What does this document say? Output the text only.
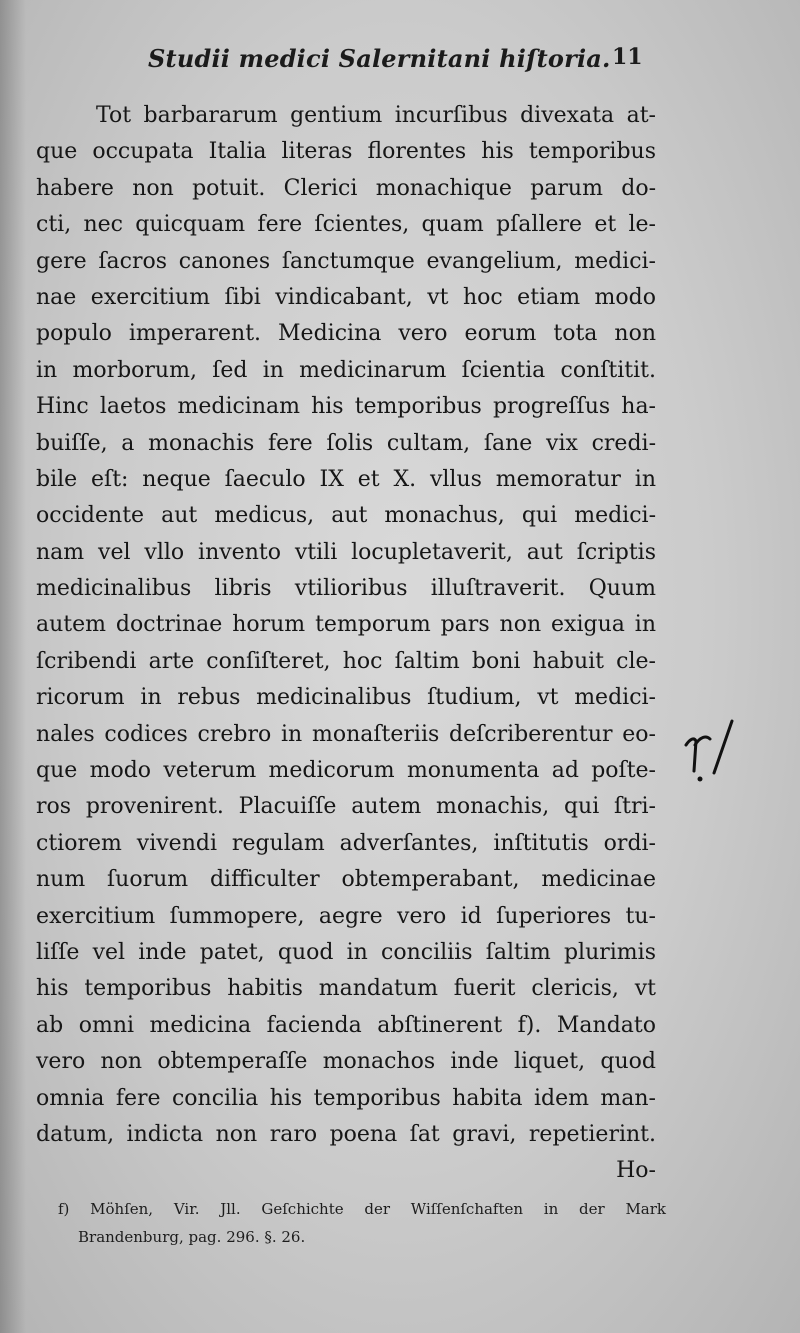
Studii medici Salernitani hiſtoria. 11
Tot barbararum gentium incurſibus divexata at-
que occupata Italia literas florentes his temporibus
habere non potuit. Clerici monachique parum do-
cti, nec quicquam fere ſcientes, quam pſallere et le-
gere ſacros canones ſanctumque evangelium, medici-
nae exercitium ſibi vindicabant, vt hoc etiam modo
populo imperarent. Medicina vero eorum tota non
in morborum, ſed in medicinarum ſcientia conſtitit.
Hinc laetos medicinam his temporibus progreſſus ha-
buiſſe, a monachis fere ſolis cultam, ſane vix credi-
bile eſt: neque ſaeculo IX et X. vllus memoratur in
occidente aut medicus, aut monachus, qui medici-
nam vel vllo invento vtili locupletaverit, aut ſcriptis
medicinalibus libris vtilioribus illuſtraverit. Quum
autem doctrinae horum temporum pars non exigua in
ſcribendi arte conſiſteret, hoc ſaltim boni habuit cle-
ricorum in rebus medicinalibus ſtudium, vt medici-
nales codices crebro in monaſteriis deſcriberentur eo-
que modo veterum medicorum monumenta ad poſte-
ros provenirent. Placuiſſe autem monachis, qui ſtri-
ctiorem vivendi regulam adverſantes, inſtitutis ordi-
num ſuorum difficulter obtemperabant, medicinae
exercitium ſummopere, aegre vero id ſuperiores tu-
liſſe vel inde patet, quod in conciliis ſaltim plurimis
his temporibus habitis mandatum fuerit clericis, vt
ab omni medicina facienda abſtinerent f). Mandato
vero non obtemperaſſe monachos inde liquet, quod
omnia fere concilia his temporibus habita idem man-
datum, indicta non raro poena ſat gravi, repetierint.
Ho-
f) Möhſen, Vir. Jll. Geſchichte der Wiſſenſchaften in der Mark
Brandenburg, pag. 296. §. 26.
